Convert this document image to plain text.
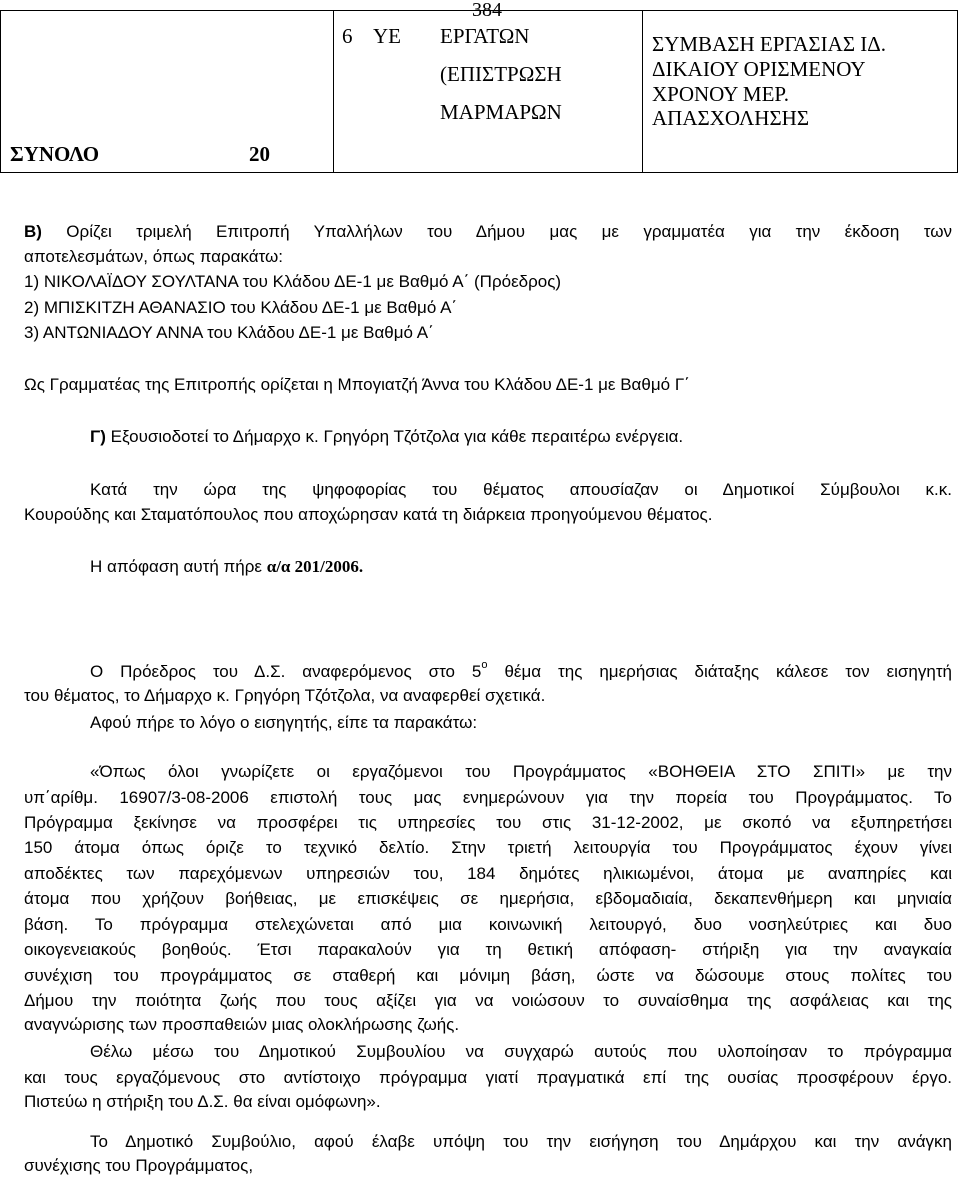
384
6 ΥΕ ΕΡΓΑΤΩΝ
(ΕΠΙΣΤΡΩΣΗ
ΜΑΡΜΑΡΩΝ
ΣΥΜΒΑΣΗ ΕΡΓΑΣΙΑΣ ΙΔ.
ΔΙΚΑΙΟΥ ΟΡΙΣΜΕΝΟΥ
ΧΡΟΝΟΥ ΜΕΡ.
ΑΠΑΣΧΟΛΗΣΗΣ
ΣΥΝΟΛΟ	20
Β) Ορίζει τριμελή Επιτροπή Υπαλλήλων του Δήμου μας με γραμματέα για την έκδοση των
αποτελεσμάτων, όπως παρακάτω:
1) ΝΙΚΟΛΑΪΔΟΥ ΣΟΥΛΤΑΝΑ του Κλάδου ΔΕ-1 με Βαθμό Α΄ (Πρόεδρος)
2) ΜΠΙΣΚΙΤΖΗ ΑΘΑΝΑΣΙΟ του Κλάδου ΔΕ-1 με Βαθμό Α΄
3) ΑΝΤΩΝΙΑΔΟΥ ΑΝΝΑ του Κλάδου ΔΕ-1 με Βαθμό Α΄
Ως Γραμματέας της Επιτροπής ορίζεται η Μπογιατζή Άννα του Κλάδου ΔΕ-1 με Βαθμό Γ΄
Γ) Εξουσιοδοτεί το Δήμαρχο κ. Γρηγόρη Τζότζολα για κάθε περαιτέρω ενέργεια.
Κατά την ώρα της ψηφοφορίας του θέματος απουσίαζαν οι Δημοτικοί Σύμβουλοι κ.κ.
Κουρούδης και Σταματόπουλος που αποχώρησαν κατά τη διάρκεια προηγούμενου θέματος.
Η απόφαση αυτή πήρε α/α 201/2006.
Ο Πρόεδρος του Δ.Σ. αναφερόμενος στο $5^o$ θέμα της ημερήσιας διάταξης κάλεσε τον εισηγητή
του θέματος, το Δήμαρχο κ. Γρηγόρη Τζότζολα, να αναφερθεί σχετικά.
Αφού πήρε το λόγο ο εισηγητής, είπε τα παρακάτω:
«Όπως όλοι γνωρίζετε οι εργαζόμενοι του Προγράμματος «ΒΟΗΘΕΙΑ ΣΤΟ ΣΠΙΤΙ» με την
υπ΄αρίθμ. 16907/3-08-2006 επιστολή τους μας ενημερώνουν για την πορεία του Προγράμματος. Το
Πρόγραμμα ξεκίνησε να προσφέρει τις υπηρεσίες του στις 31-12-2002, με σκοπό να εξυπηρετήσει
150 άτομα όπως όριζε το τεχνικό δελτίο. Στην τριετή λειτουργία του Προγράμματος έχουν γίνει
αποδέκτες των παρεχόμενων υπηρεσιών του, 184 δημότες ηλικιωμένοι, άτομα με αναπηρίες και
άτομα που χρήζουν βοήθειας, με επισκέψεις σε ημερήσια, εβδομαδιαία, δεκαπενθήμερη και μηνιαία
βάση. Το πρόγραμμα στελεχώνεται από μια κοινωνική λειτουργό, δυο νοσηλεύτριες και δυο
οικογενειακούς βοηθούς. Έτσι παρακαλούν για τη θετική απόφαση- στήριξη για την αναγκαία
συνέχιση του προγράμματος σε σταθερή και μόνιμη βάση, ώστε να δώσουμε στους πολίτες του
Δήμου την ποιότητα ζωής που τους αξίζει για να νοιώσουν το συναίσθημα της ασφάλειας και της
αναγνώρισης των προσπαθειών μιας ολοκλήρωσης ζωής.
Θέλω μέσω του Δημοτικού Συμβουλίου να συγχαρώ αυτούς που υλοποίησαν το πρόγραμμα
και τους εργαζόμενους στο αντίστοιχο πρόγραμμα γιατί πραγματικά επί της ουσίας προσφέρουν έργο.
Πιστεύω η στήριξη του Δ.Σ. θα είναι ομόφωνη».
Το Δημοτικό Συμβούλιο, αφού έλαβε υπόψη του την εισήγηση του Δημάρχου και την ανάγκη
συνέχισης του Προγράμματος,
